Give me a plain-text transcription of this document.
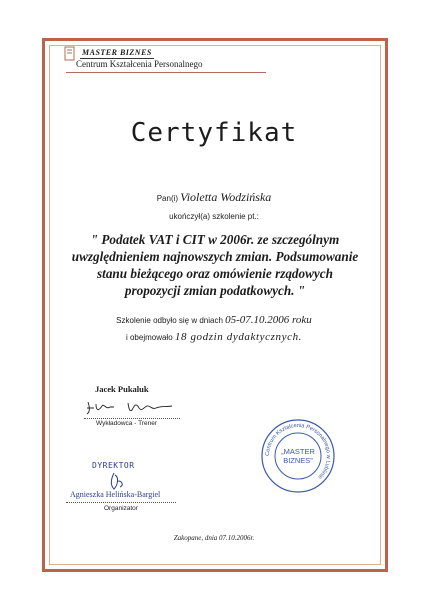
MASTER BIZNES
Centrum Kształcenia Personalnego
Certyfikat
Pan(i) Violetta Wodzińska
ukończył(a) szkolenie pt.:
" Podatek VAT i CIT w 2006r. ze szczególnym uwzględnieniem najnowszych zmian. Podsumowanie stanu bieżącego oraz omówienie rządowych propozycji zmian podatkowych. "
Szkolenie odbyło się w dniach 05-07.10.2006 roku
i obejmowało 18 godzin dydaktycznych.
Jacek Pukaluk
Wykładowca - Trener
Centrum Kształcenia Personalnego w Lublinie
„MASTER
BIZNES”
DYREKTOR
Agnieszka Helińska-Bargiel
Organizator
Zakopane, dnia 07.10.2006r.
